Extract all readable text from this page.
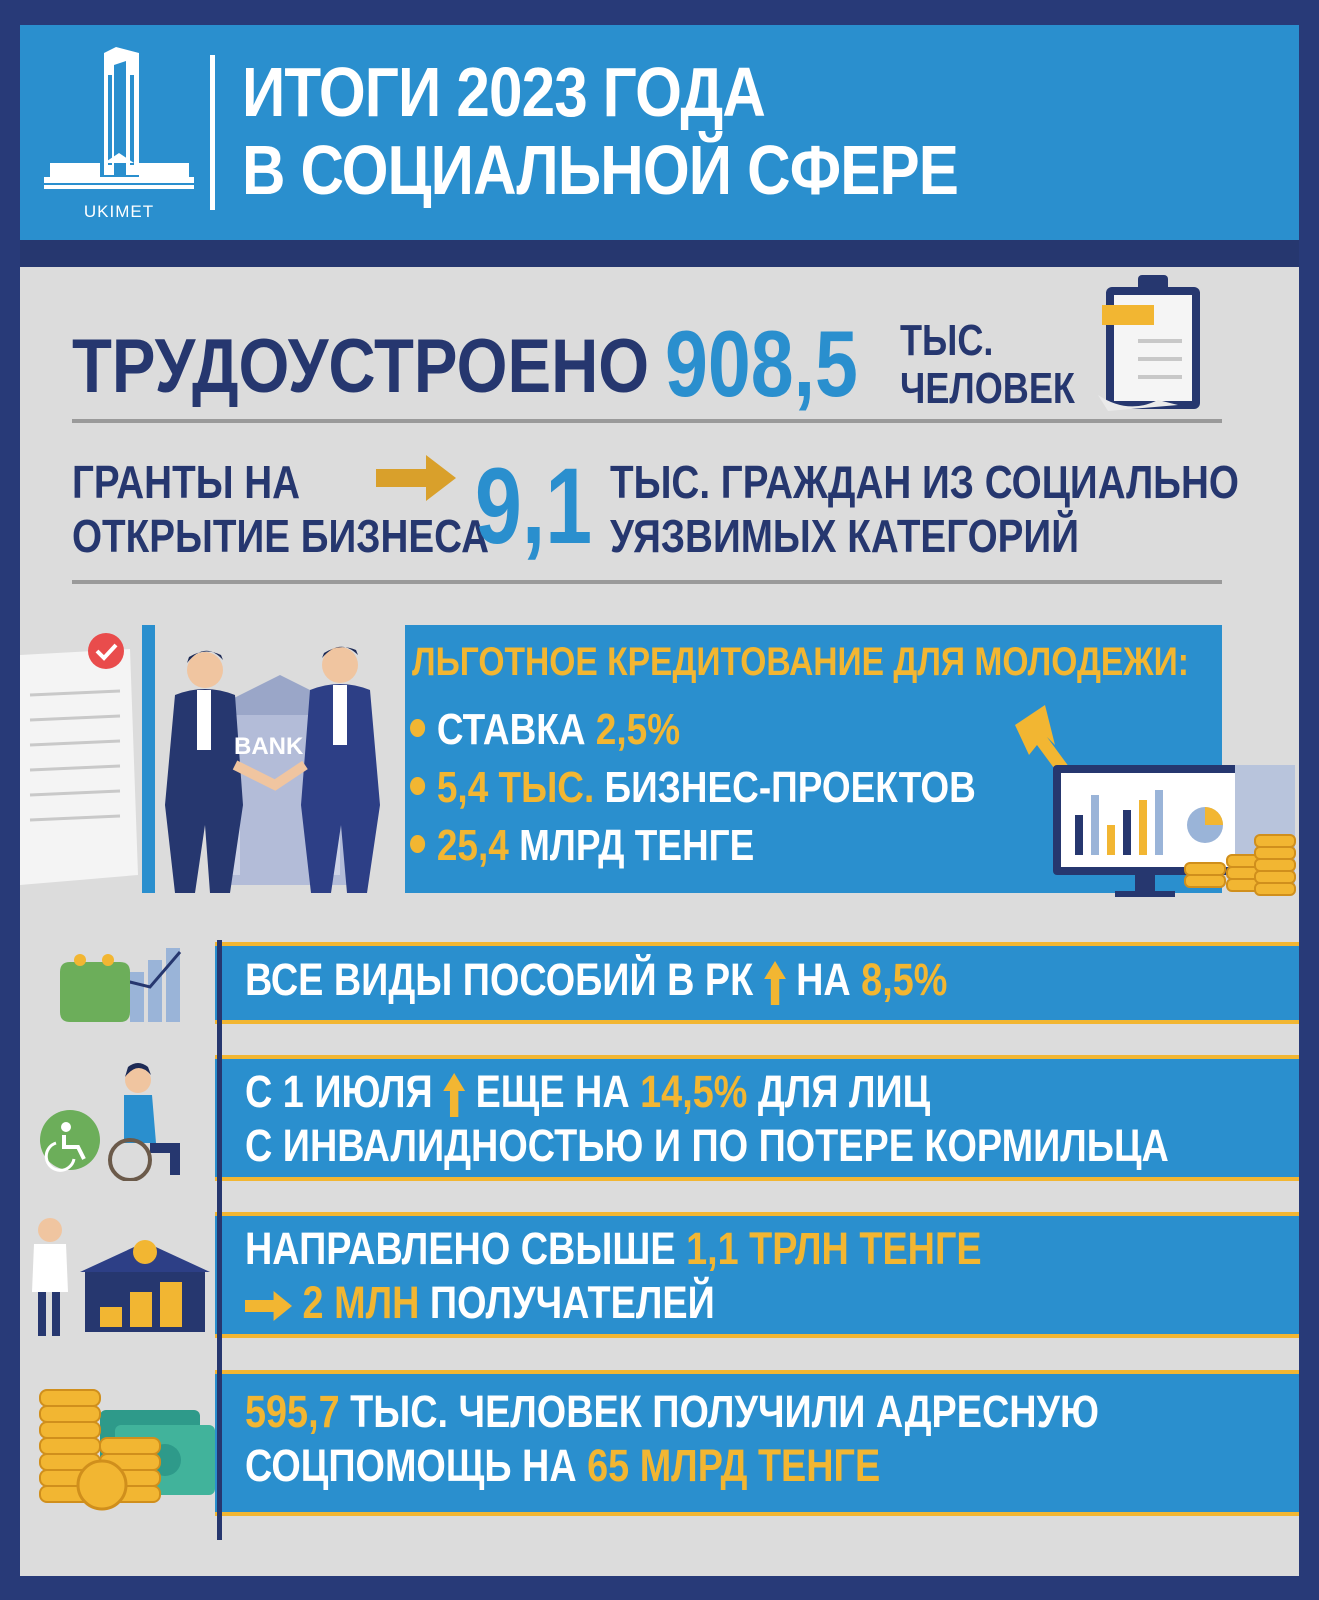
UKIMET
ИТОГИ 2023 ГОДА
В СОЦИАЛЬНОЙ СФЕРЕ
ТРУДОУСТРОЕНО 908,5 ТЫС.
ЧЕЛОВЕК
ГРАНТЫ НА
ОТКРЫТИЕ БИЗНЕСА
9,1 ТЫС. ГРАЖДАН ИЗ СОЦИАЛЬНО
УЯЗВИМЫХ КАТЕГОРИЙ
BANK
ЛЬГОТНОЕ КРЕДИТОВАНИЕ ДЛЯ МОЛОДЕЖИ:
СТАВКА 2,5%
5,4 ТЫС. БИЗНЕС-ПРОЕКТОВ
25,4 МЛРД ТЕНГЕ
ВСЕ ВИДЫ ПОСОБИЙ В РК НА 8,5%
С 1 ИЮЛЯ ЕЩЕ НА 14,5% ДЛЯ ЛИЦ
С ИНВАЛИДНОСТЬЮ И ПО ПОТЕРЕ КОРМИЛЬЦА
НАПРАВЛЕНО СВЫШЕ 1,1 ТРЛН ТЕНГЕ
2 МЛН ПОЛУЧАТЕЛЕЙ
595,7 ТЫС. ЧЕЛОВЕК ПОЛУЧИЛИ АДРЕСНУЮ
СОЦПОМОЩЬ НА 65 МЛРД ТЕНГЕ
